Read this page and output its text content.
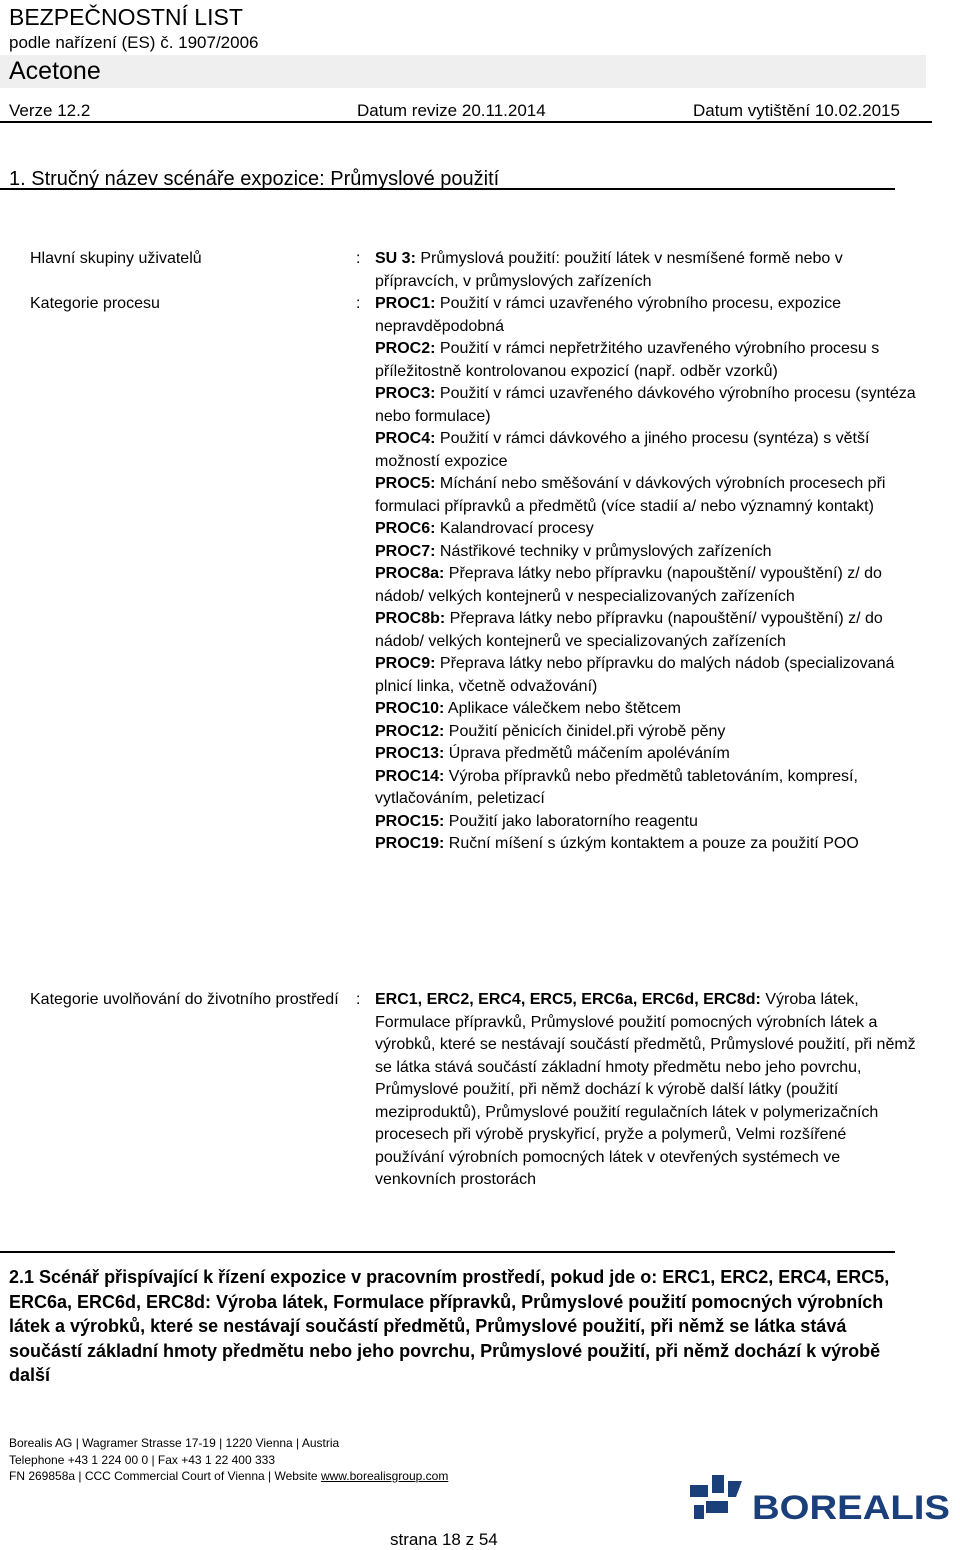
BEZPEČNOSTNÍ LIST
podle nařízení (ES) č. 1907/2006
Acetone
Verze 12.2	Datum revize 20.11.2014	Datum vytištění 10.02.2015
1. Stručný název scénáře expozice: Průmyslové použití
Hlavní skupiny uživatelů	: SU 3: Průmyslová použití: použití látek v nesmíšené formě nebo v přípravcích, v průmyslových zařízeních
Kategorie procesu	: PROC1: Použití v rámci uzavřeného výrobního procesu, expozice nepravděpodobná

PROC2: Použití v rámci nepřetržitého uzavřeného výrobního procesu s příležitostně kontrolovanou expozicí (např. odběr vzorků)

PROC3: Použití v rámci uzavřeného dávkového výrobního procesu (syntéza nebo formulace)

PROC4: Použití v rámci dávkového a jiného procesu (syntéza) s větší možností expozice

PROC5: Míchání nebo směšování v dávkových výrobních procesech při formulaci přípravků a předmětů (více stadií a/ nebo významný kontakt)

PROC6: Kalandrovací procesy

PROC7: Nástřikové techniky v průmyslových zařízeních

PROC8a: Přeprava látky nebo přípravku (napouštění/ vypouštění) z/ do nádob/ velkých kontejnerů v nespecializovaných zařízeních

PROC8b: Přeprava látky nebo přípravku (napouštění/ vypouštění) z/ do nádob/ velkých kontejnerů ve specializovaných zařízeních

PROC9: Přeprava látky nebo přípravku do malých nádob (specializovaná plnicí linka, včetně odvažování)

PROC10: Aplikace válečkem nebo štětcem

PROC12: Použití pěnicích činidel.při výrobě pěny

PROC13: Úprava předmětů máčením apoléváním

PROC14: Výroba přípravků nebo předmětů tabletováním, kompresí, vytlačováním, peletizací

PROC15: Použití jako laboratorního reagentu

PROC19: Ruční míšení s úzkým kontaktem a pouze za použití POO

Kategorie uvolňování do životního prostředí : ERC1, ERC2, ERC4, ERC5, ERC6a, ERC6d, ERC8d: Výroba látek, Formulace přípravků, Průmyslové použití pomocných výrobních látek a výrobků, které se nestávají součástí předmětů, Průmyslové použití, při němž se látka stává součástí základní hmoty předmětu nebo jeho povrchu, Průmyslové použití, při němž dochází k výrobě další látky (použití meziproduktů), Průmyslové použití regulačních látek v polymerizačních procesech při výrobě pryskyřicí, pryže a polymerů, Velmi rozšířené používání výrobních pomocných látek v otevřených systémech ve venkovních prostorách
2.1 Scénář přispívající k řízení expozice v pracovním prostředí, pokud jde o: ERC1, ERC2, ERC4, ERC5, ERC6a, ERC6d, ERC8d: Výroba látek, Formulace přípravků, Průmyslové použití pomocných výrobních látek a výrobků, které se nestávají součástí předmětů, Průmyslové použití, při němž se látka stává součástí základní hmoty předmětu nebo jeho povrchu, Průmyslové použití, při němž dochází k výrobě další
Borealis AG | Wagramer Strasse 17-19 | 1220 Vienna | Austria
Telephone +43 1 224 00 0 | Fax +43 1 22 400 333
FN 269858a | CCC Commercial Court of Vienna | Website www.borealisgroup.com
BOREALIS
strana 18 z 54
